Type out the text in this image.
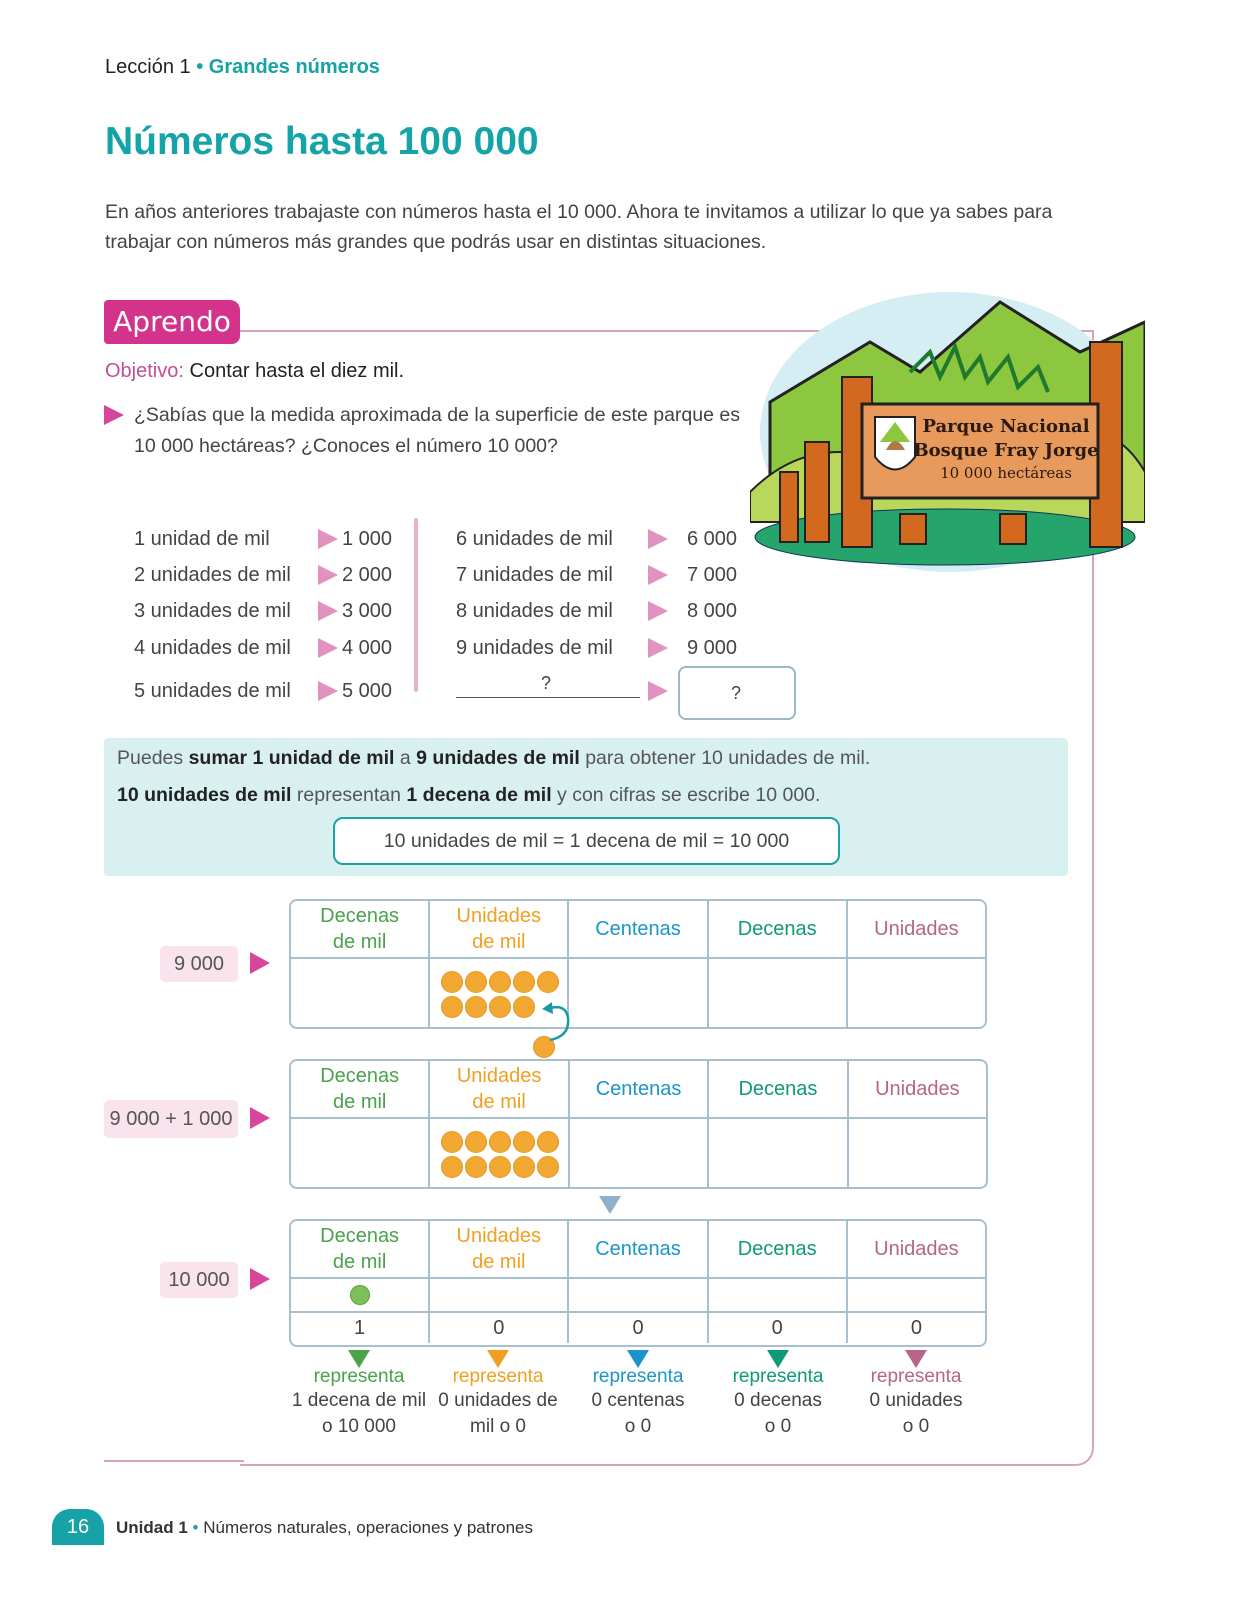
Lección 1 • Grandes números
Números hasta 100 000
En años anteriores trabajaste con números hasta el 10 000. Ahora te invitamos a utilizar lo que ya sabes para trabajar con números más grandes que podrás usar en distintas situaciones.
Aprendo
Objetivo: Contar hasta el diez mil.
¿Sabías que la medida aproximada de la superficie de este parque es 10 000 hectáreas? ¿Conoces el número 10 000?
Parque Nacional
Bosque Fray Jorge
10 000 hectáreas
1 unidad de mil	1 000
2 unidades de mil	2 000
3 unidades de mil	3 000
4 unidades de mil	4 000
5 unidades de mil	5 000
6 unidades de mil	6 000
7 unidades de mil	7 000
8 unidades de mil	8 000
9 unidades de mil	9 000
?	?
Puedes sumar 1 unidad de mil a 9 unidades de mil para obtener 10 unidades de mil.
10 unidades de mil representan 1 decena de mil y con cifras se escribe 10 000.
10 unidades de mil = 1 decena de mil = 10 000
9 000
Decenas
de mil
Unidades
de mil
Centenas	Decenas	Unidades
9 000 + 1 000
Decenas
de mil
Unidades
de mil
Centenas	Decenas	Unidades
10 000
Decenas
de mil
Unidades
de mil
Centenas	Decenas	Unidades
1	0	0	0	0
representa
1 decena de mil
o 10 000
representa
0 unidades de
mil o 0
representa
0 centenas
o 0
representa
0 decenas
o 0
representa
0 unidades
o 0
16	Unidad 1 • Números naturales, operaciones y patrones
